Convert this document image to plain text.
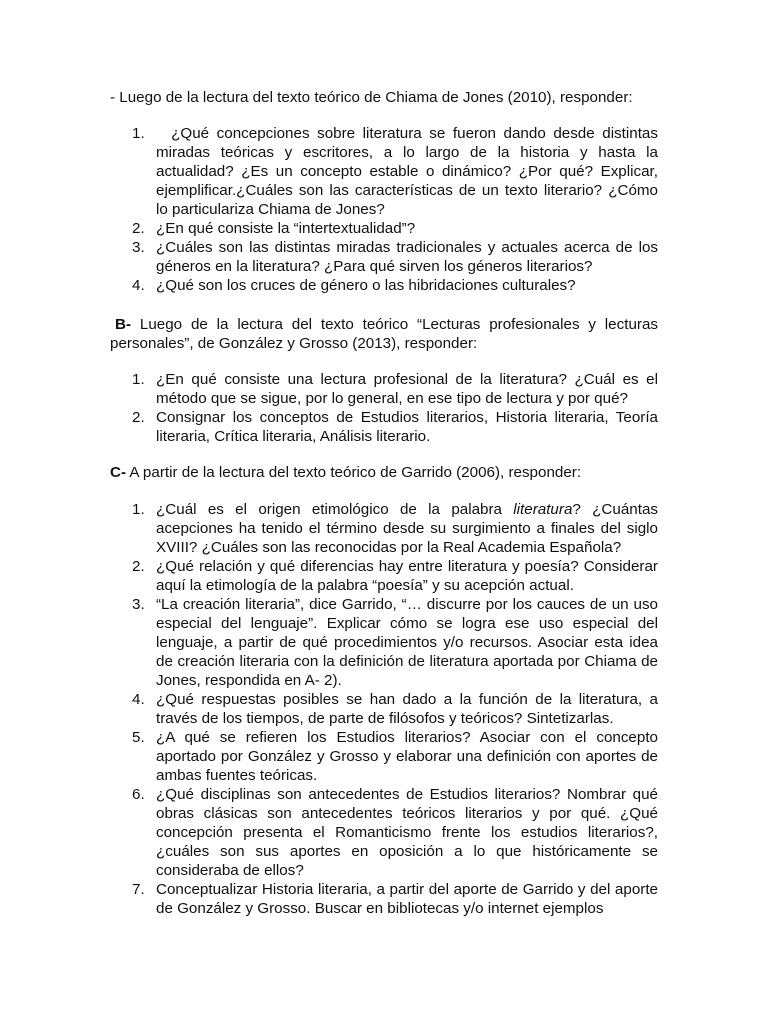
- Luego de la lectura del texto teórico de Chiama de Jones (2010), responder:

1. ¿Qué concepciones sobre literatura se fueron dando desde distintas miradas teóricas y escritores, a lo largo de la historia y hasta la actualidad? ¿Es un concepto estable o dinámico? ¿Por qué? Explicar, ejemplificar.¿Cuáles son las características de un texto literario? ¿Cómo lo particulariza Chiama de Jones?
2. ¿En qué consiste la “intertextualidad”?
3. ¿Cuáles son las distintas miradas tradicionales y actuales acerca de los géneros en la literatura? ¿Para qué sirven los géneros literarios?
4. ¿Qué son los cruces de género o las hibridaciones culturales?

B- Luego de la lectura del texto teórico “Lecturas profesionales y lecturas personales”, de González y Grosso (2013), responder:

1. ¿En qué consiste una lectura profesional de la literatura? ¿Cuál es el método que se sigue, por lo general, en ese tipo de lectura y por qué?
2. Consignar los conceptos de Estudios literarios, Historia literaria, Teoría literaria, Crítica literaria, Análisis literario.

C- A partir de la lectura del texto teórico de Garrido (2006), responder:

1. ¿Cuál es el origen etimológico de la palabra literatura? ¿Cuántas acepciones ha tenido el término desde su surgimiento a finales del siglo XVIII? ¿Cuáles son las reconocidas por la Real Academia Española?
2. ¿Qué relación y qué diferencias hay entre literatura y poesía? Considerar aquí la etimología de la palabra “poesía” y su acepción actual.
3. “La creación literaria”, dice Garrido, “… discurre por los cauces de un uso especial del lenguaje”. Explicar cómo se logra ese uso especial del lenguaje, a partir de qué procedimientos y/o recursos. Asociar esta idea de creación literaria con la definición de literatura aportada por Chiama de Jones, respondida en A- 2).
4. ¿Qué respuestas posibles se han dado a la función de la literatura, a través de los tiempos, de parte de filósofos y teóricos? Sintetizarlas.
5. ¿A qué se refieren los Estudios literarios? Asociar con el concepto aportado por González y Grosso y elaborar una definición con aportes de ambas fuentes teóricas.
6. ¿Qué disciplinas son antecedentes de Estudios literarios? Nombrar qué obras clásicas son antecedentes teóricos literarios y por qué. ¿Qué concepción presenta el Romanticismo frente los estudios literarios?, ¿cuáles son sus aportes en oposición a lo que históricamente se consideraba de ellos?
7. Conceptualizar Historia literaria, a partir del aporte de Garrido y del aporte de González y Grosso. Buscar en bibliotecas y/o internet ejemplos
